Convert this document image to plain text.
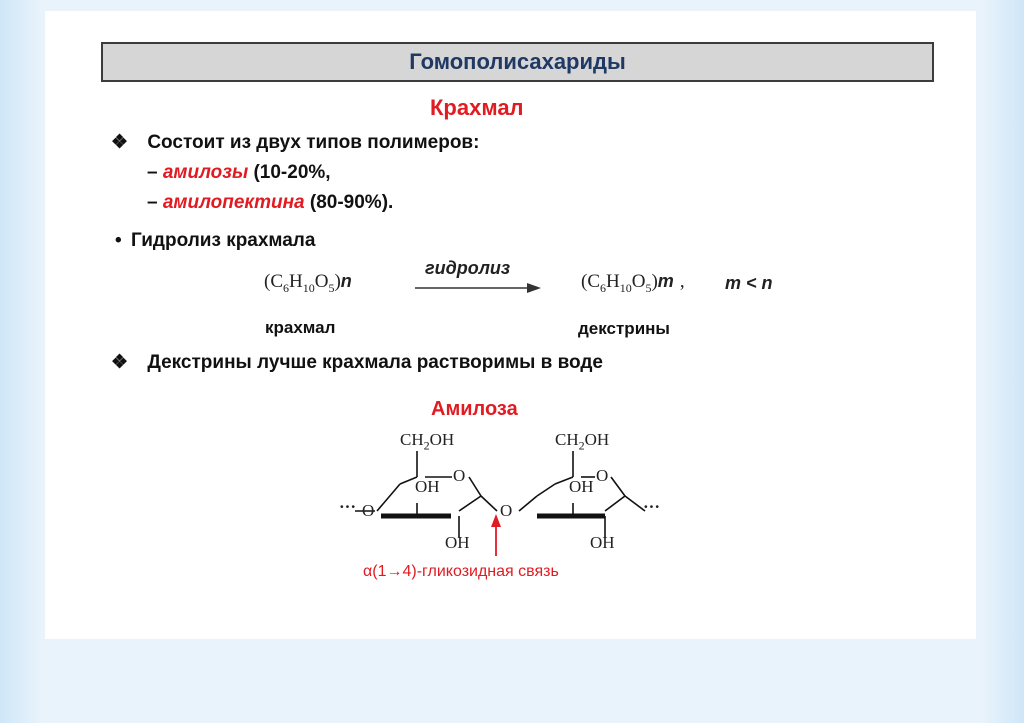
Гомополисахариды
Крахмал
❖ Состоит из двух типов полимеров:
– амилозы (10-20%,
– амилопектина (80-90%).
• Гидролиз крахмала
$(C_6H_{10}O_5)n$
гидролиз
$(C_6H_{10}O_5)m$ , m < n
крахмал	декстрины
❖ Декстрины лучше крахмала растворимы в воде
Амилоза
$CH_2OH$
O
OH
OH
··· O	O
$CH_2OH$
O
OH
OH
···
α(1→4)-гликозидная связь
